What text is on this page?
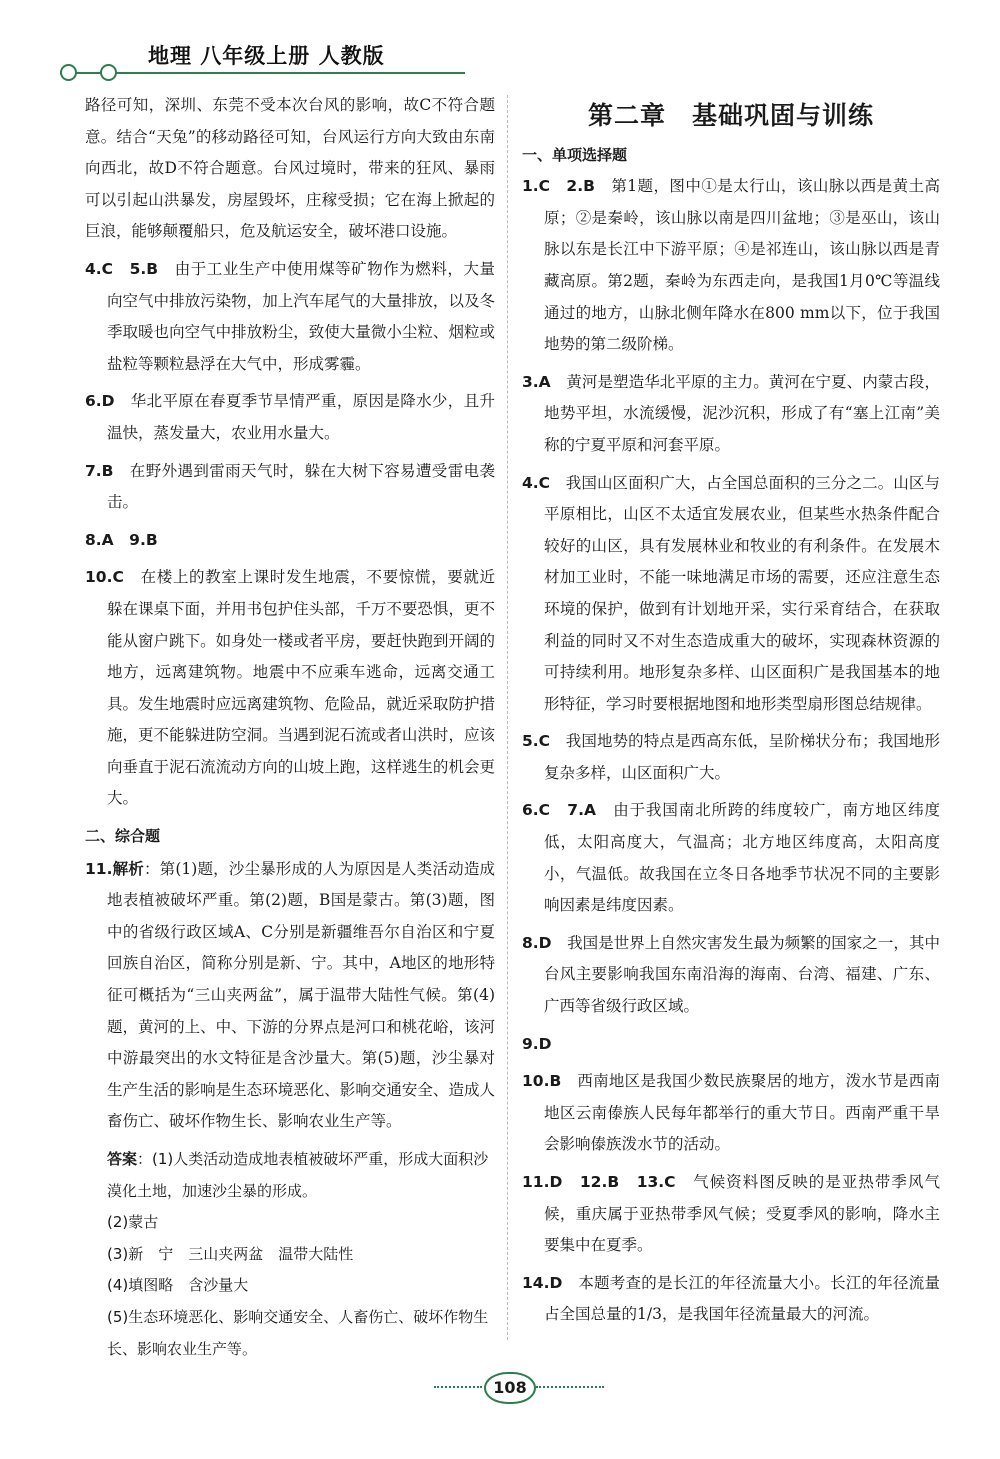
地理 八年级上册 人教版

路径可知，深圳、东莞不受本次台风的影响，故C不符合题意。结合“天兔”的移动路径可知，台风运行方向大致由东南向西北，故D不符合题意。台风过境时，带来的狂风、暴雨可以引起山洪暴发，房屋毁坏，庄稼受损；它在海上掀起的巨浪，能够颠覆船只，危及航运安全，破坏港口设施。

4.C　5.B　 由于工业生产中使用煤等矿物作为燃料，大量向空气中排放污染物，加上汽车尾气的大量排放，以及冬季取暖也向空气中排放粉尘，致使大量微小尘粒、烟粒或盐粒等颗粒悬浮在大气中，形成雾霾。

6.D　 华北平原在春夏季节旱情严重，原因是降水少，且升温快，蒸发量大，农业用水量大。

7.B　 在野外遇到雷雨天气时，躲在大树下容易遭受雷电袭击。

8.A　9.B

10.C　 在楼上的教室上课时发生地震，不要惊慌，要就近躲在课桌下面，并用书包护住头部，千万不要恐惧，更不能从窗户跳下。如身处一楼或者平房，要赶快跑到开阔的地方，远离建筑物。地震中不应乘车逃命，远离交通工具。发生地震时应远离建筑物、危险品，就近采取防护措施，更不能躲进防空洞。当遇到泥石流或者山洪时，应该向垂直于泥石流流动方向的山坡上跑，这样逃生的机会更大。

二、综合题

11.解析：第(1)题，沙尘暴形成的人为原因是人类活动造成地表植被破坏严重。第(2)题，B国是蒙古。第(3)题，图中的省级行政区域A、C分别是新疆维吾尔自治区和宁夏回族自治区，简称分别是新、宁。其中，A地区的地形特征可概括为“三山夹两盆”，属于温带大陆性气候。第(4)题，黄河的上、中、下游的分界点是河口和桃花峪，该河中游最突出的水文特征是含沙量大。第(5)题，沙尘暴对生产生活的影响是生态环境恶化、影响交通安全、造成人畜伤亡、破坏作物生长、影响农业生产等。

答案：(1)人类活动造成地表植被破坏严重，形成大面积沙漠化土地，加速沙尘暴的形成。
(2)蒙古
(3)新　宁　三山夹两盆　温带大陆性
(4)填图略　含沙量大
(5)生态环境恶化、影响交通安全、人畜伤亡、破坏作物生长、影响农业生产等。
第二章　基础巩固与训练

一、单项选择题

1.C　2.B　 第1题，图中①是太行山，该山脉以西是黄土高原；②是秦岭，该山脉以南是四川盆地；③是巫山，该山脉以东是长江中下游平原；④是祁连山，该山脉以西是青藏高原。第2题，秦岭为东西走向，是我国1月0℃等温线通过的地方，山脉北侧年降水在800 mm以下，位于我国地势的第二级阶梯。

3.A　 黄河是塑造华北平原的主力。黄河在宁夏、内蒙古段，地势平坦，水流缓慢，泥沙沉积，形成了有“塞上江南”美称的宁夏平原和河套平原。

4.C　 我国山区面积广大，占全国总面积的三分之二。山区与平原相比，山区不太适宜发展农业，但某些水热条件配合较好的山区，具有发展林业和牧业的有利条件。在发展木材加工业时，不能一味地满足市场的需要，还应注意生态环境的保护，做到有计划地开采，实行采育结合，在获取利益的同时又不对生态造成重大的破坏，实现森林资源的可持续利用。地形复杂多样、山区面积广是我国基本的地形特征，学习时要根据地图和地形类型扇形图总结规律。

5.C　 我国地势的特点是西高东低，呈阶梯状分布；我国地形复杂多样，山区面积广大。

6.C　7.A　 由于我国南北所跨的纬度较广，南方地区纬度低，太阳高度大，气温高；北方地区纬度高，太阳高度小，气温低。故我国在立冬日各地季节状况不同的主要影响因素是纬度因素。

8.D　 我国是世界上自然灾害发生最为频繁的国家之一，其中台风主要影响我国东南沿海的海南、台湾、福建、广东、广西等省级行政区域。

9.D

10.B　 西南地区是我国少数民族聚居的地方，泼水节是西南地区云南傣族人民每年都举行的重大节日。西南严重干旱会影响傣族泼水节的活动。

11.D　12.B　13.C　 气候资料图反映的是亚热带季风气候，重庆属于亚热带季风气候；受夏季风的影响，降水主要集中在夏季。

14.D　 本题考查的是长江的年径流量大小。长江的年径流量占全国总量的1/3，是我国年径流量最大的河流。

108
